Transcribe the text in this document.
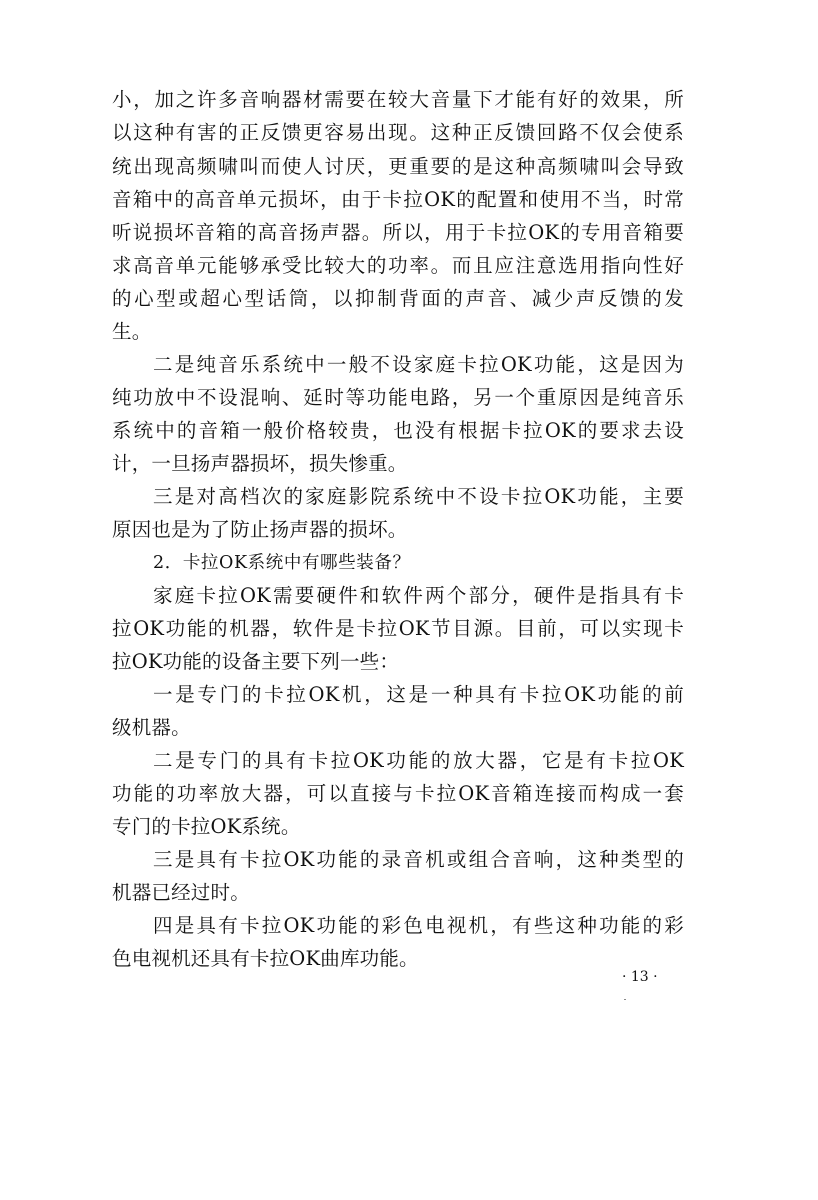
小，加之许多音响器材需要在较大音量下才能有好的效果，所

以这种有害的正反馈更容易出现。这种正反馈回路不仅会使系

统出现高频啸叫而使人讨厌，更重要的是这种高频啸叫会导致

音箱中的高音单元损坏，由于卡拉OK的配置和使用不当，时常

听说损坏音箱的高音扬声器。所以，用于卡拉OK的专用音箱要

求高音单元能够承受比较大的功率。而且应注意选用指向性好

的心型或超心型话筒，以抑制背面的声音、减少声反馈的发

生。

二是纯音乐系统中一般不设家庭卡拉OK功能，这是因为

纯功放中不设混响、延时等功能电路，另一个重原因是纯音乐

系统中的音箱一般价格较贵，也没有根据卡拉OK的要求去设

计，一旦扬声器损坏，损失惨重。

三是对高档次的家庭影院系统中不设卡拉OK功能，主要

原因也是为了防止扬声器的损坏。

2．卡拉OK系统中有哪些装备？

家庭卡拉OK需要硬件和软件两个部分，硬件是指具有卡

拉OK功能的机器，软件是卡拉OK节目源。目前，可以实现卡

拉OK功能的设备主要下列一些：

一是专门的卡拉OK机，这是一种具有卡拉OK功能的前

级机器。

二是专门的具有卡拉OK功能的放大器，它是有卡拉OK

功能的功率放大器，可以直接与卡拉OK音箱连接而构成一套

专门的卡拉OK系统。

三是具有卡拉OK功能的录音机或组合音响，这种类型的

机器已经过时。

四是具有卡拉OK功能的彩色电视机，有些这种功能的彩

色电视机还具有卡拉OK曲库功能。

· 13 ·
